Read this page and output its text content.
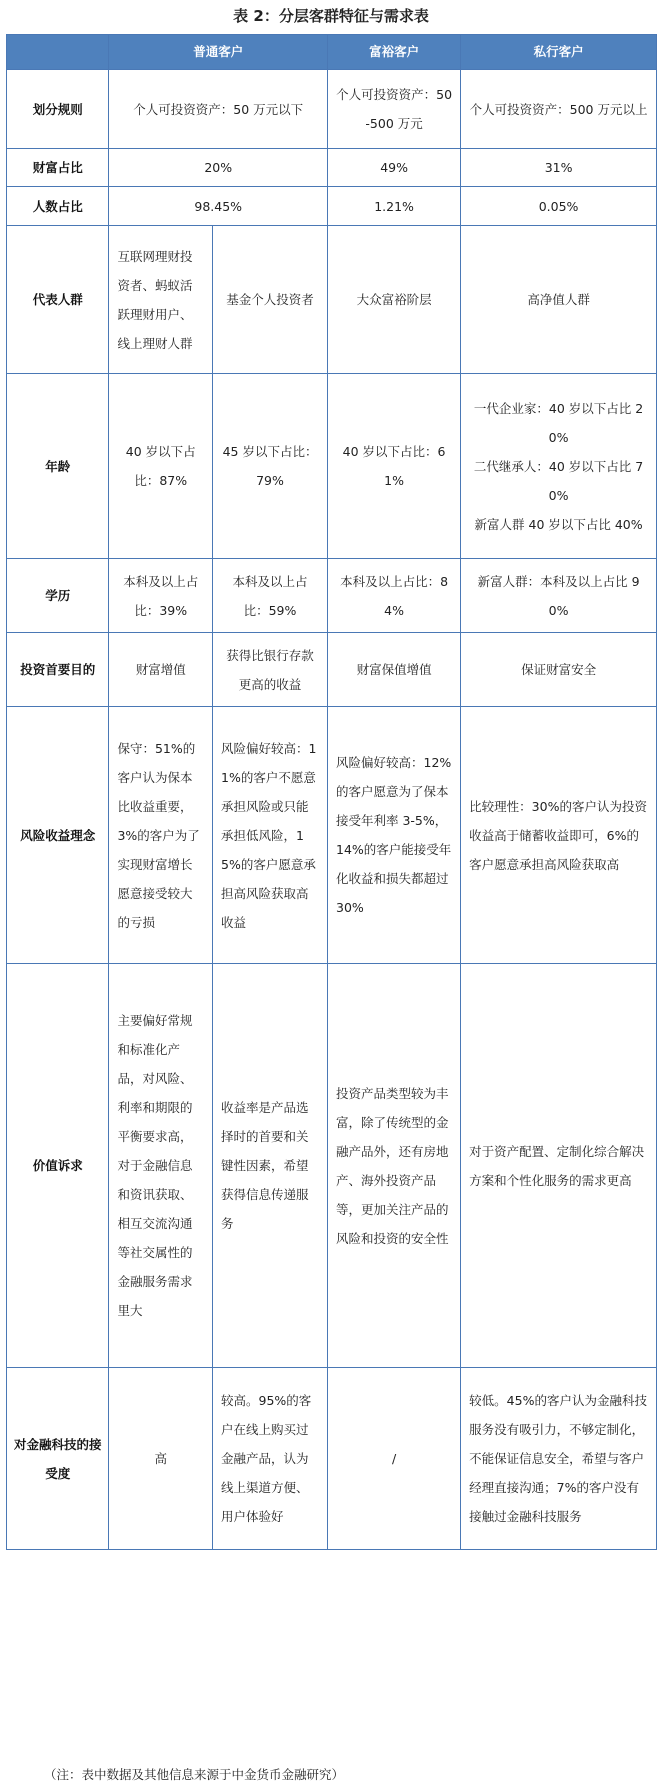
表 2：分层客群特征与需求表
	普通客户		富裕客户	私行客户
划分规则	个人可投资资产：50 万元以下		个人可投资资产：50-500 万元	个人可投资资产：500 万元以上
财富占比	20%		49%	31%
人数占比	98.45%		1.21%	0.05%
代表人群	互联网理财投资者、蚂蚁活跃理财用户、线上理财人群	基金个人投资者	大众富裕阶层	高净值人群
年龄	40 岁以下占比：87%	45 岁以下占比：79%	40 岁以下占比：61%	一代企业家：40 岁以下占比 20%
二代继承人：40 岁以下占比 70%
新富人群 40 岁以下占比 40%

学历	本科及以上占比：39%	本科及以上占比：59%	本科及以上占比：84%	新富人群：本科及以上占比 90%
投资首要目的	财富增值	获得比银行存款更高的收益	财富保值增值	保证财富安全
风险收益理念	保守：51%的客户认为保本比收益重要，3%的客户为了实现财富增长愿意接受较大的亏损	风险偏好较高：11%的客户不愿意承担风险或只能承担低风险，15%的客户愿意承担高风险获取高收益	风险偏好较高：12%的客户愿意为了保本接受年利率 3-5%，14%的客户能接受年化收益和损失都超过 30%	比较理性：30%的客户认为投资收益高于储蓄收益即可，6%的客户愿意承担高风险获取高
价值诉求	主要偏好常规和标准化产品，对风险、利率和期限的平衡要求高，对于金融信息和资讯获取、相互交流沟通等社交属性的金融服务需求里大	收益率是产品选择时的首要和关键性因素，希望获得信息传递服务	投资产品类型较为丰富，除了传统型的金融产品外，还有房地产、海外投资产品等，更加关注产品的风险和投资的安全性	对于资产配置、定制化综合解决方案和个性化服务的需求更高
对金融科技的接受度	高	较高。95%的客户在线上购买过金融产品，认为线上渠道方便、用户体验好	/	较低。45%的客户认为金融科技服务没有吸引力，不够定制化，不能保证信息安全，希望与客户经理直接沟通；7%的客户没有接触过金融科技服务
（注：表中数据及其他信息来源于中金货币金融研究）
